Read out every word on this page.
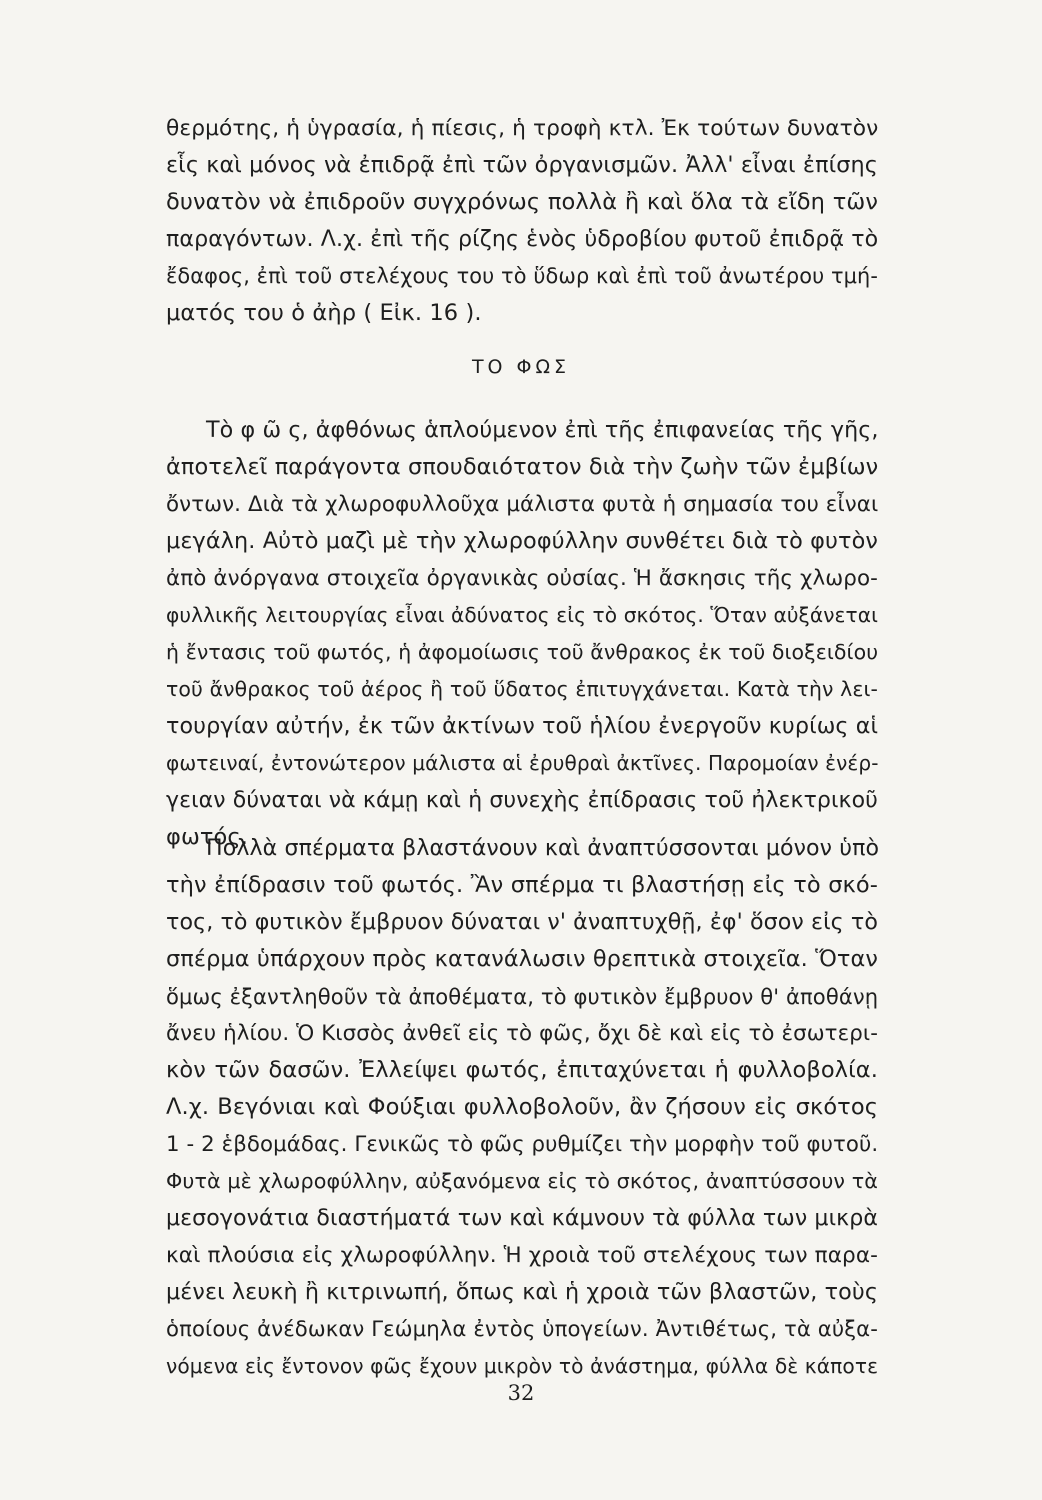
θερμότης, ἡ ὑγρασία, ἡ πίεσις, ἡ τροφὴ κτλ. Ἐκ τούτων δυνατὸν
εἷς καὶ μόνος νὰ ἐπιδρᾷ ἐπὶ τῶν ὀργανισμῶν. Ἀλλ' εἶναι ἐπίσης
δυνατὸν νὰ ἐπιδροῦν συγχρόνως πολλὰ ἢ καὶ ὅλα τὰ εἴδη τῶν
παραγόντων. Λ.χ. ἐπὶ τῆς ρίζης ἑνὸς ὑδροβίου φυτοῦ ἐπιδρᾷ τὸ
ἔδαφος, ἐπὶ τοῦ στελέχους του τὸ ὕδωρ καὶ ἐπὶ τοῦ ἀνωτέρου τμή-
ματός του ὁ ἀὴρ ( Εἰκ. 16 ).
ΤΟ ΦΩΣ
Τὸ φ ῶ ς, ἀφθόνως ἁπλούμενον ἐπὶ τῆς ἐπιφανείας τῆς γῆς,
ἀποτελεῖ παράγοντα σπουδαιότατον διὰ τὴν ζωὴν τῶν ἐμβίων
ὄντων. Διὰ τὰ χλωροφυλλοῦχα μάλιστα φυτὰ ἡ σημασία του εἶναι
μεγάλη. Αὐτὸ μαζὶ μὲ τὴν χλωροφύλλην συνθέτει διὰ τὸ φυτὸν
ἀπὸ ἀνόργανα στοιχεῖα ὀργανικὰς οὐσίας. Ἡ ἄσκησις τῆς χλωρο-
φυλλικῆς λειτουργίας εἶναι ἀδύνατος εἰς τὸ σκότος. Ὅταν αὐξάνεται
ἡ ἔντασις τοῦ φωτός, ἡ ἀφομοίωσις τοῦ ἄνθρακος ἐκ τοῦ διοξειδίου
τοῦ ἄνθρακος τοῦ ἀέρος ἢ τοῦ ὕδατος ἐπιτυγχάνεται. Κατὰ τὴν λει-
τουργίαν αὐτήν, ἐκ τῶν ἀκτίνων τοῦ ἡλίου ἐνεργοῦν κυρίως αἱ
φωτειναί, ἐντονώτερον μάλιστα αἱ ἐρυθραὶ ἀκτῖνες. Παρομοίαν ἐνέρ-
γειαν δύναται νὰ κάμῃ καὶ ἡ συνεχὴς ἐπίδρασις τοῦ ἠλεκτρικοῦ
φωτός.
Πολλὰ σπέρματα βλαστάνουν καὶ ἀναπτύσσονται μόνον ὑπὸ
τὴν ἐπίδρασιν τοῦ φωτός. Ἂν σπέρμα τι βλαστήσῃ εἰς τὸ σκό-
τος, τὸ φυτικὸν ἔμβρυον δύναται ν' ἀναπτυχθῇ, ἐφ' ὅσον εἰς τὸ
σπέρμα ὑπάρχουν πρὸς κατανάλωσιν θρεπτικὰ στοιχεῖα. Ὅταν
ὅμως ἐξαντληθοῦν τὰ ἀποθέματα, τὸ φυτικὸν ἔμβρυον θ' ἀποθάνῃ
ἄνευ ἡλίου. Ὁ Κισσὸς ἀνθεῖ εἰς τὸ φῶς, ὄχι δὲ καὶ εἰς τὸ ἐσωτερι-
κὸν τῶν δασῶν. Ἐλλείψει φωτός, ἐπιταχύνεται ἡ φυλλοβολία.
Λ.χ. Βεγόνιαι καὶ Φούξιαι φυλλοβολοῦν, ἂν ζήσουν εἰς σκότος
1 - 2 ἑβδομάδας. Γενικῶς τὸ φῶς ρυθμίζει τὴν μορφὴν τοῦ φυτοῦ.
Φυτὰ μὲ χλωροφύλλην, αὐξανόμενα εἰς τὸ σκότος, ἀναπτύσσουν τὰ
μεσογονάτια διαστήματά των καὶ κάμνουν τὰ φύλλα των μικρὰ
καὶ πλούσια εἰς χλωροφύλλην. Ἡ χροιὰ τοῦ στελέχους των παρα-
μένει λευκὴ ἢ κιτρινωπή, ὅπως καὶ ἡ χροιὰ τῶν βλαστῶν, τοὺς
ὁποίους ἀνέδωκαν Γεώμηλα ἐντὸς ὑπογείων. Ἀντιθέτως, τὰ αὐξα-
νόμενα εἰς ἔντονον φῶς ἔχουν μικρὸν τὸ ἀνάστημα, φύλλα δὲ κάποτε
32
